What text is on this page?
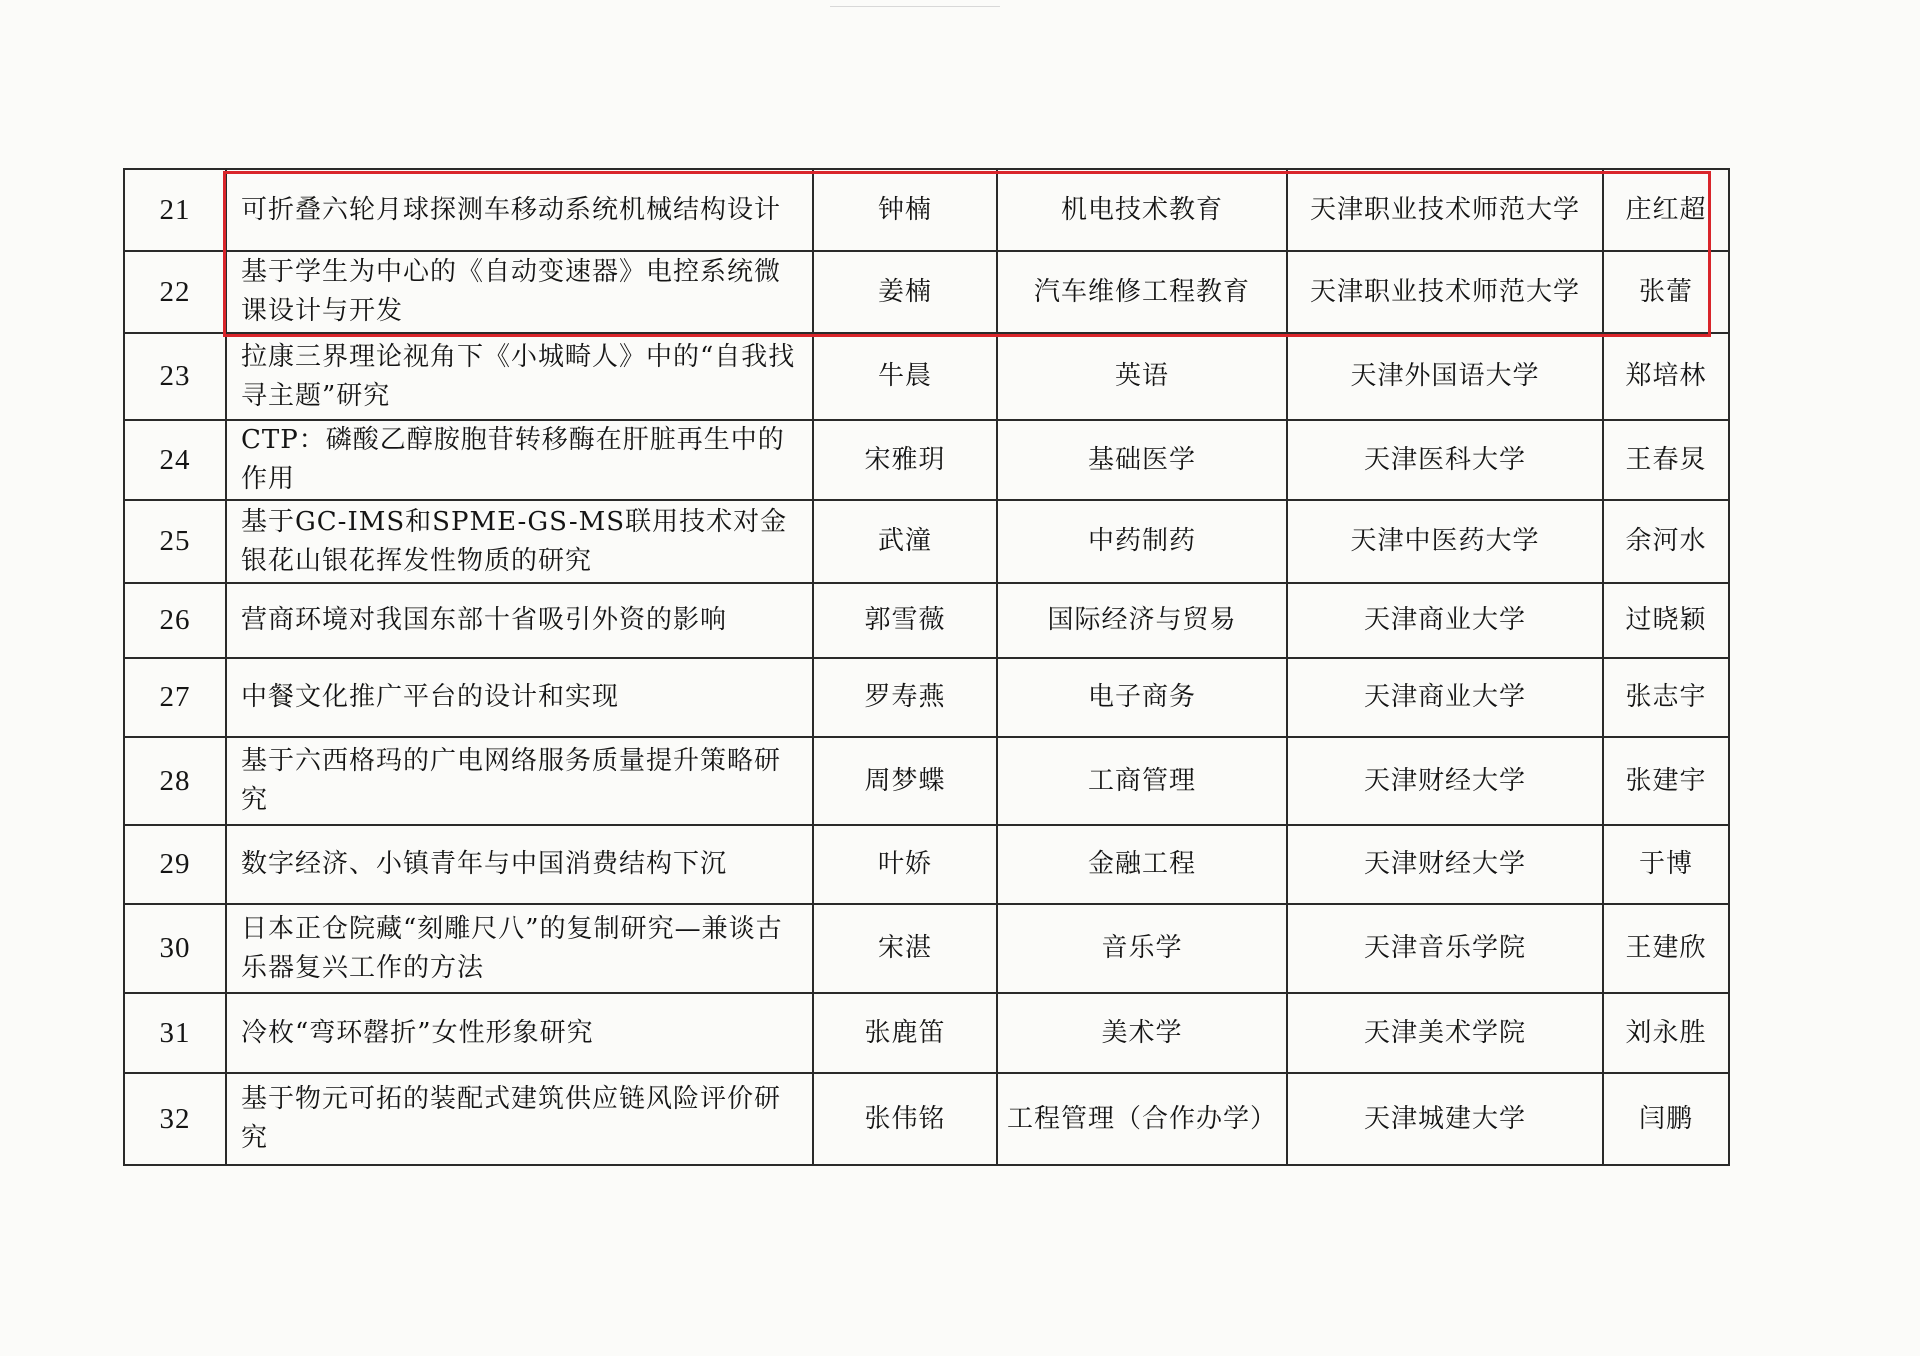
21	可折叠六轮月球探测车移动系统机械结构设计	钟楠	机电技术教育	天津职业技术师范大学	庄红超
22	基于学生为中心的《自动变速器》电控系统微课设计与开发	姜楠	汽车维修工程教育	天津职业技术师范大学	张蕾
23	拉康三界理论视角下《小城畸人》中的“自我找寻主题”研究	牛晨	英语	天津外国语大学	郑培林
24	CTP：磷酸乙醇胺胞苷转移酶在肝脏再生中的作用	宋雅玥	基础医学	天津医科大学	王春炅
25	基于GC-IMS和SPME-GS-MS联用技术对金银花山银花挥发性物质的研究	武潼	中药制药	天津中医药大学	余河水
26	营商环境对我国东部十省吸引外资的影响	郭雪薇	国际经济与贸易	天津商业大学	过晓颖
27	中餐文化推广平台的设计和实现	罗寿燕	电子商务	天津商业大学	张志宇
28	基于六西格玛的广电网络服务质量提升策略研究	周梦蝶	工商管理	天津财经大学	张建宇
29	数字经济、小镇青年与中国消费结构下沉	叶娇	金融工程	天津财经大学	于博
30	日本正仓院藏“刻雕尺八”的复制研究—兼谈古乐器复兴工作的方法	宋湛	音乐学	天津音乐学院	王建欣
31	冷枚“弯环罄折”女性形象研究	张鹿笛	美术学	天津美术学院	刘永胜
32	基于物元可拓的装配式建筑供应链风险评价研究	张伟铭	工程管理（合作办学）	天津城建大学	闫鹏
